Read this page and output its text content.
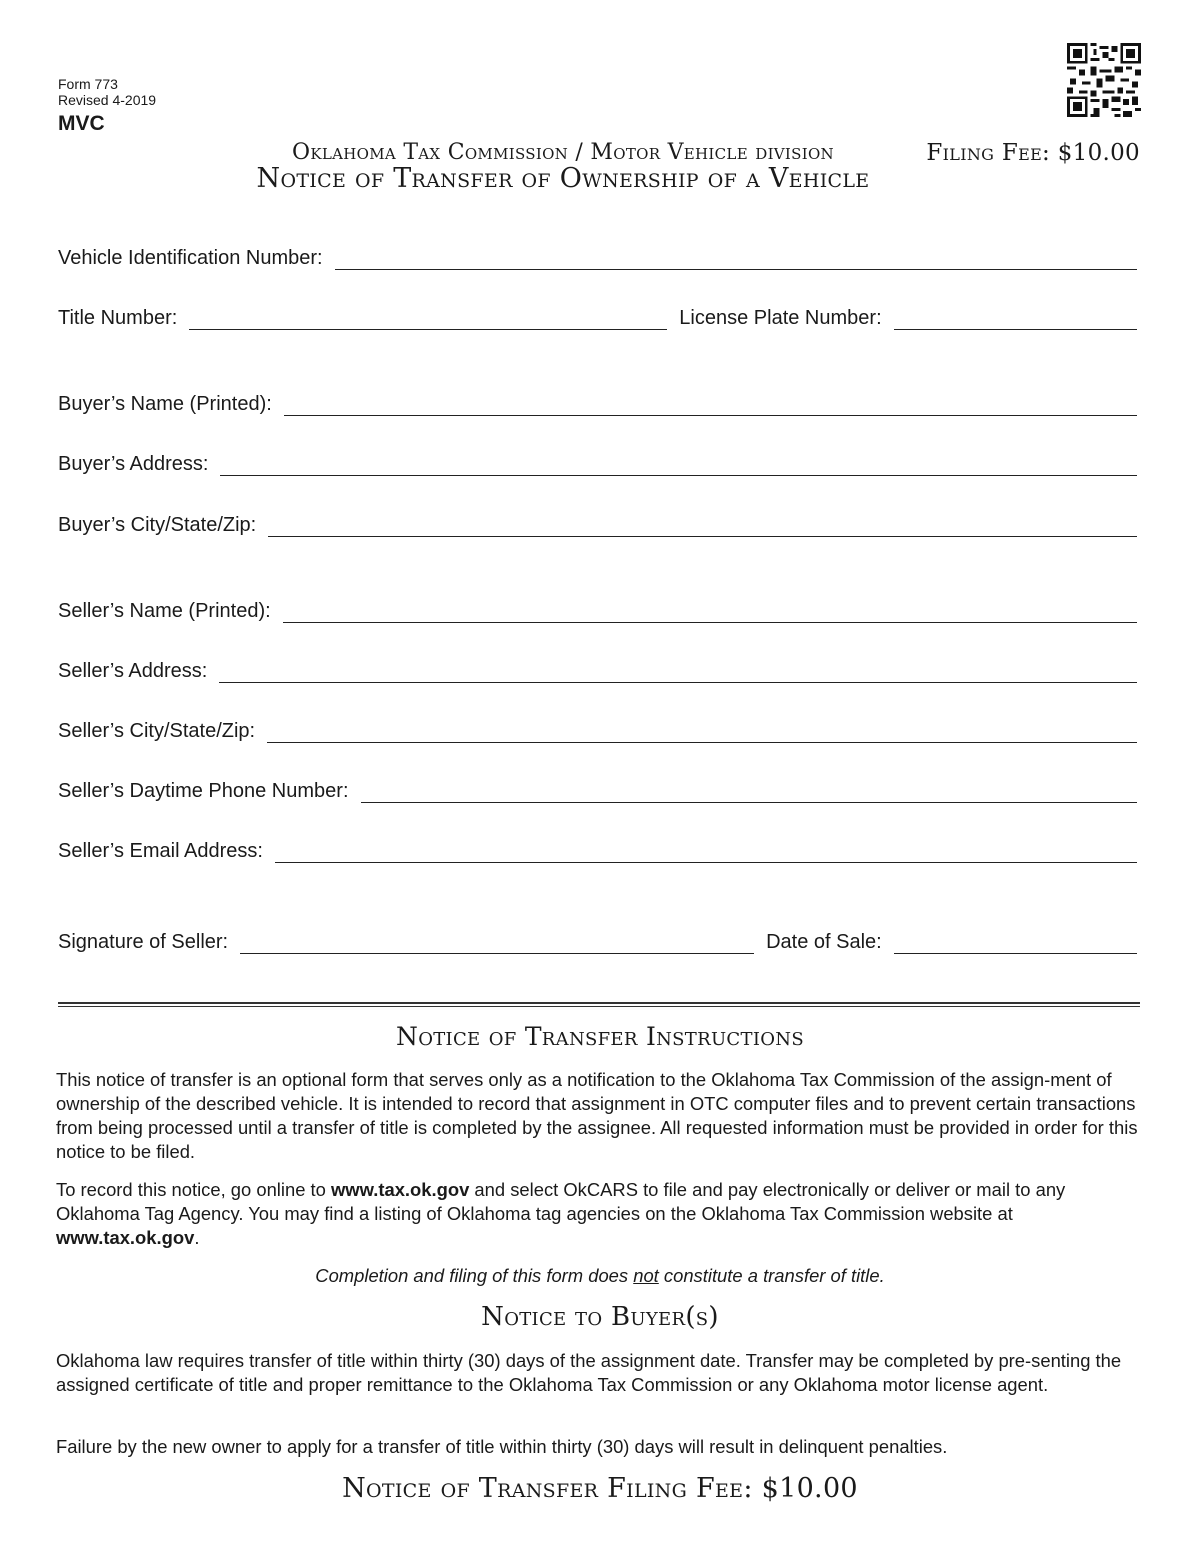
Form 773
Revised 4-2019
MVC
Oklahoma Tax Commission / Motor Vehicle division	Filing Fee: $10.00
Notice of Transfer of Ownership of a Vehicle
Vehicle Identification Number:
Title Number:	License Plate Number:
Buyer’s Name (Printed):
Buyer’s Address:
Buyer’s City/State/Zip:
Seller’s Name (Printed):
Seller’s Address:
Seller’s City/State/Zip:
Seller’s Daytime Phone Number:
Seller’s Email Address:
Signature of Seller:	Date of Sale:
Notice of Transfer Instructions

This notice of transfer is an optional form that serves only as a notification to the Oklahoma Tax Commission of the assign-ment of ownership of the described vehicle. It is intended to record that assignment in OTC computer files and to prevent certain transactions from being processed until a transfer of title is completed by the assignee. All requested information must be provided in order for this notice to be filed.

To record this notice, go online to www.tax.ok.gov and select OkCARS to file and pay electronically or deliver or mail to any Oklahoma Tag Agency. You may find a listing of Oklahoma tag agencies on the Oklahoma Tax Commission website at www.tax.ok.gov.

Completion and filing of this form does not constitute a transfer of title.
Notice to Buyer(s)

Oklahoma law requires transfer of title within thirty (30) days of the assignment date. Transfer may be completed by pre-senting the assigned certificate of title and proper remittance to the Oklahoma Tax Commission or any Oklahoma motor license agent.

Failure by the new owner to apply for a transfer of title within thirty (30) days will result in delinquent penalties.

Notice of Transfer Filing Fee: $10.00
